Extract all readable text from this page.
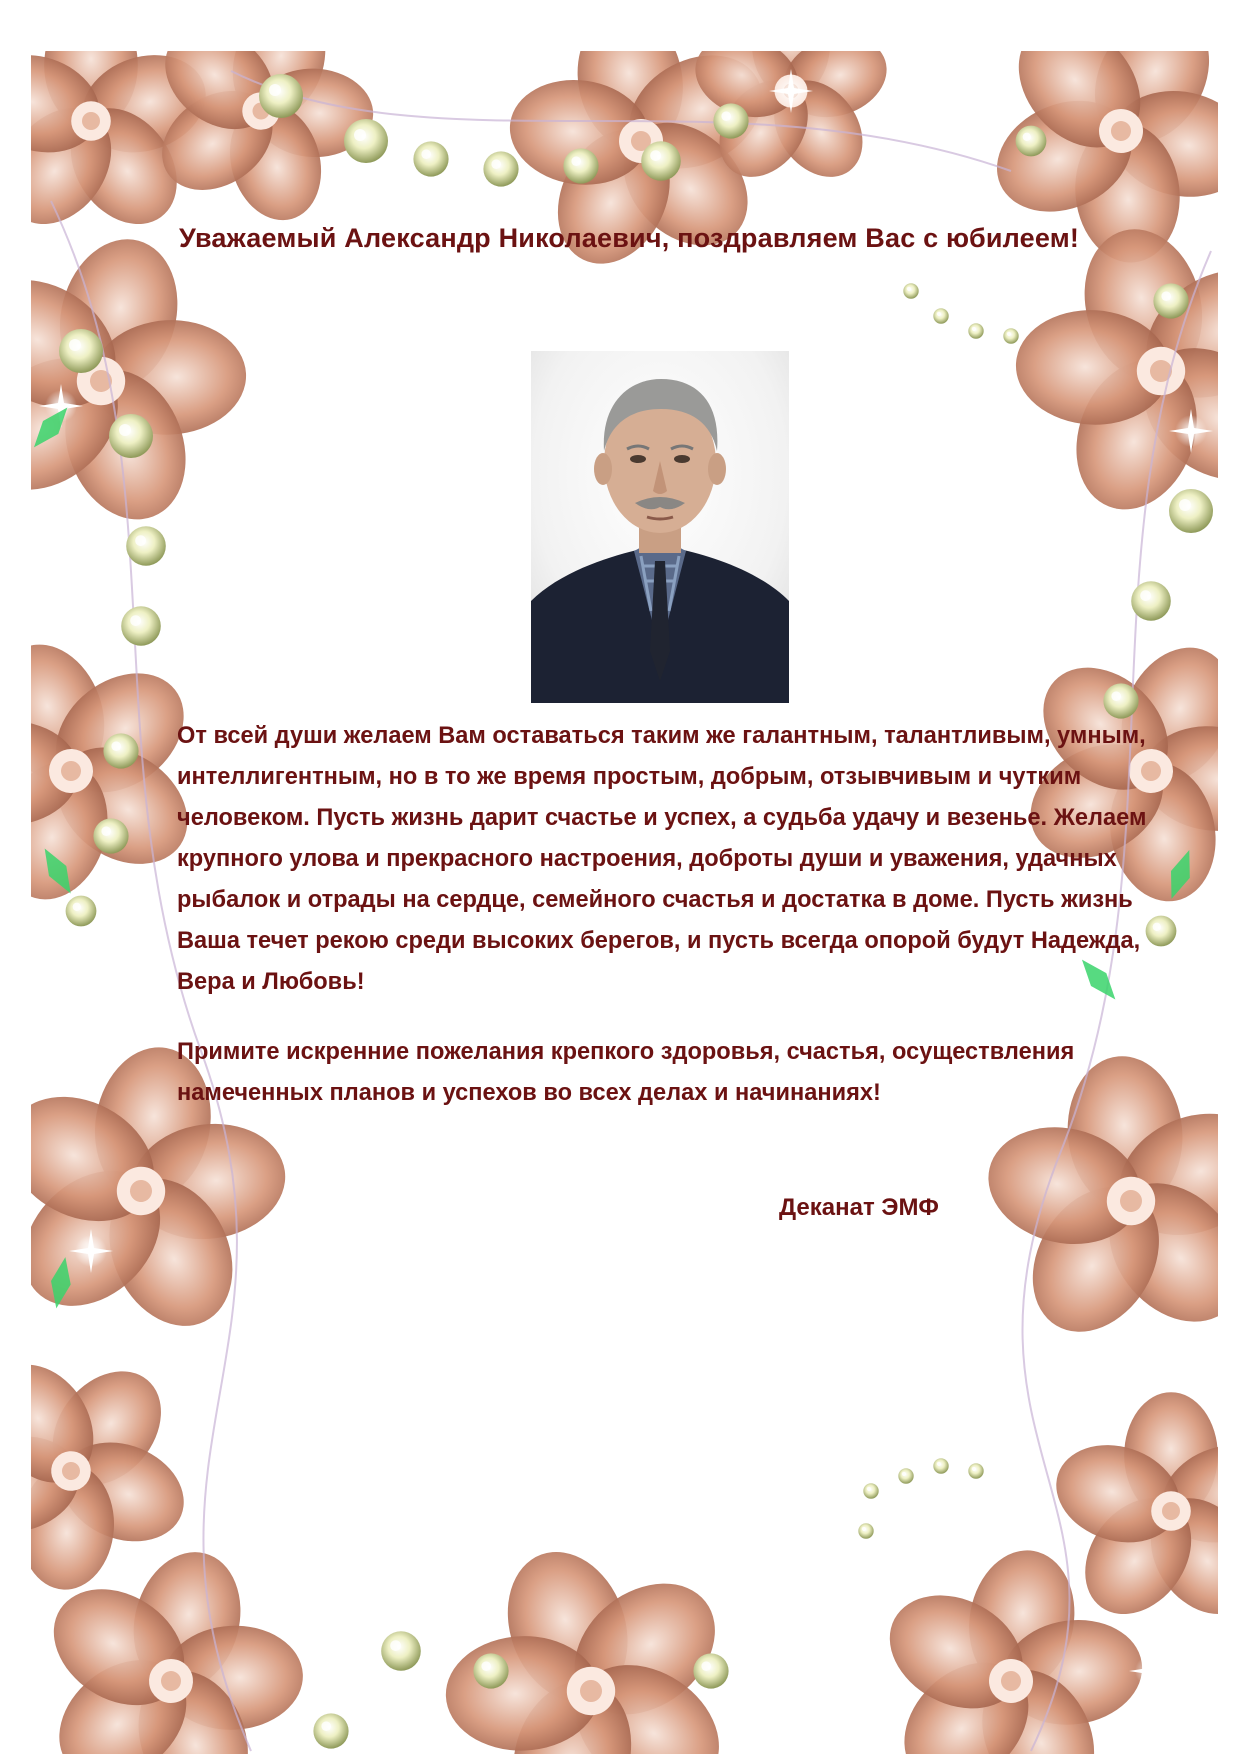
Уважаемый Александр Николаевич, поздравляем Вас с юбилеем!

От всей души желаем Вам оставаться таким же галантным, талантливым, умным, интеллигентным, но в то же время простым, добрым, отзывчивым и чутким человеком. Пусть жизнь дарит счастье и успех, а судьба удачу и везенье. Желаем крупного улова и прекрасного настроения, доброты души и уважения, удачных рыбалок и отрады на сердце, семейного счастья и достатка в доме. Пусть жизнь Ваша течет рекою среди высоких берегов, и пусть всегда опорой будут Надежда, Вера и Любовь!

Примите искренние пожелания крепкого здоровья, счастья, осуществления намеченных планов и успехов во всех делах и начинаниях!

Деканат ЭМФ
